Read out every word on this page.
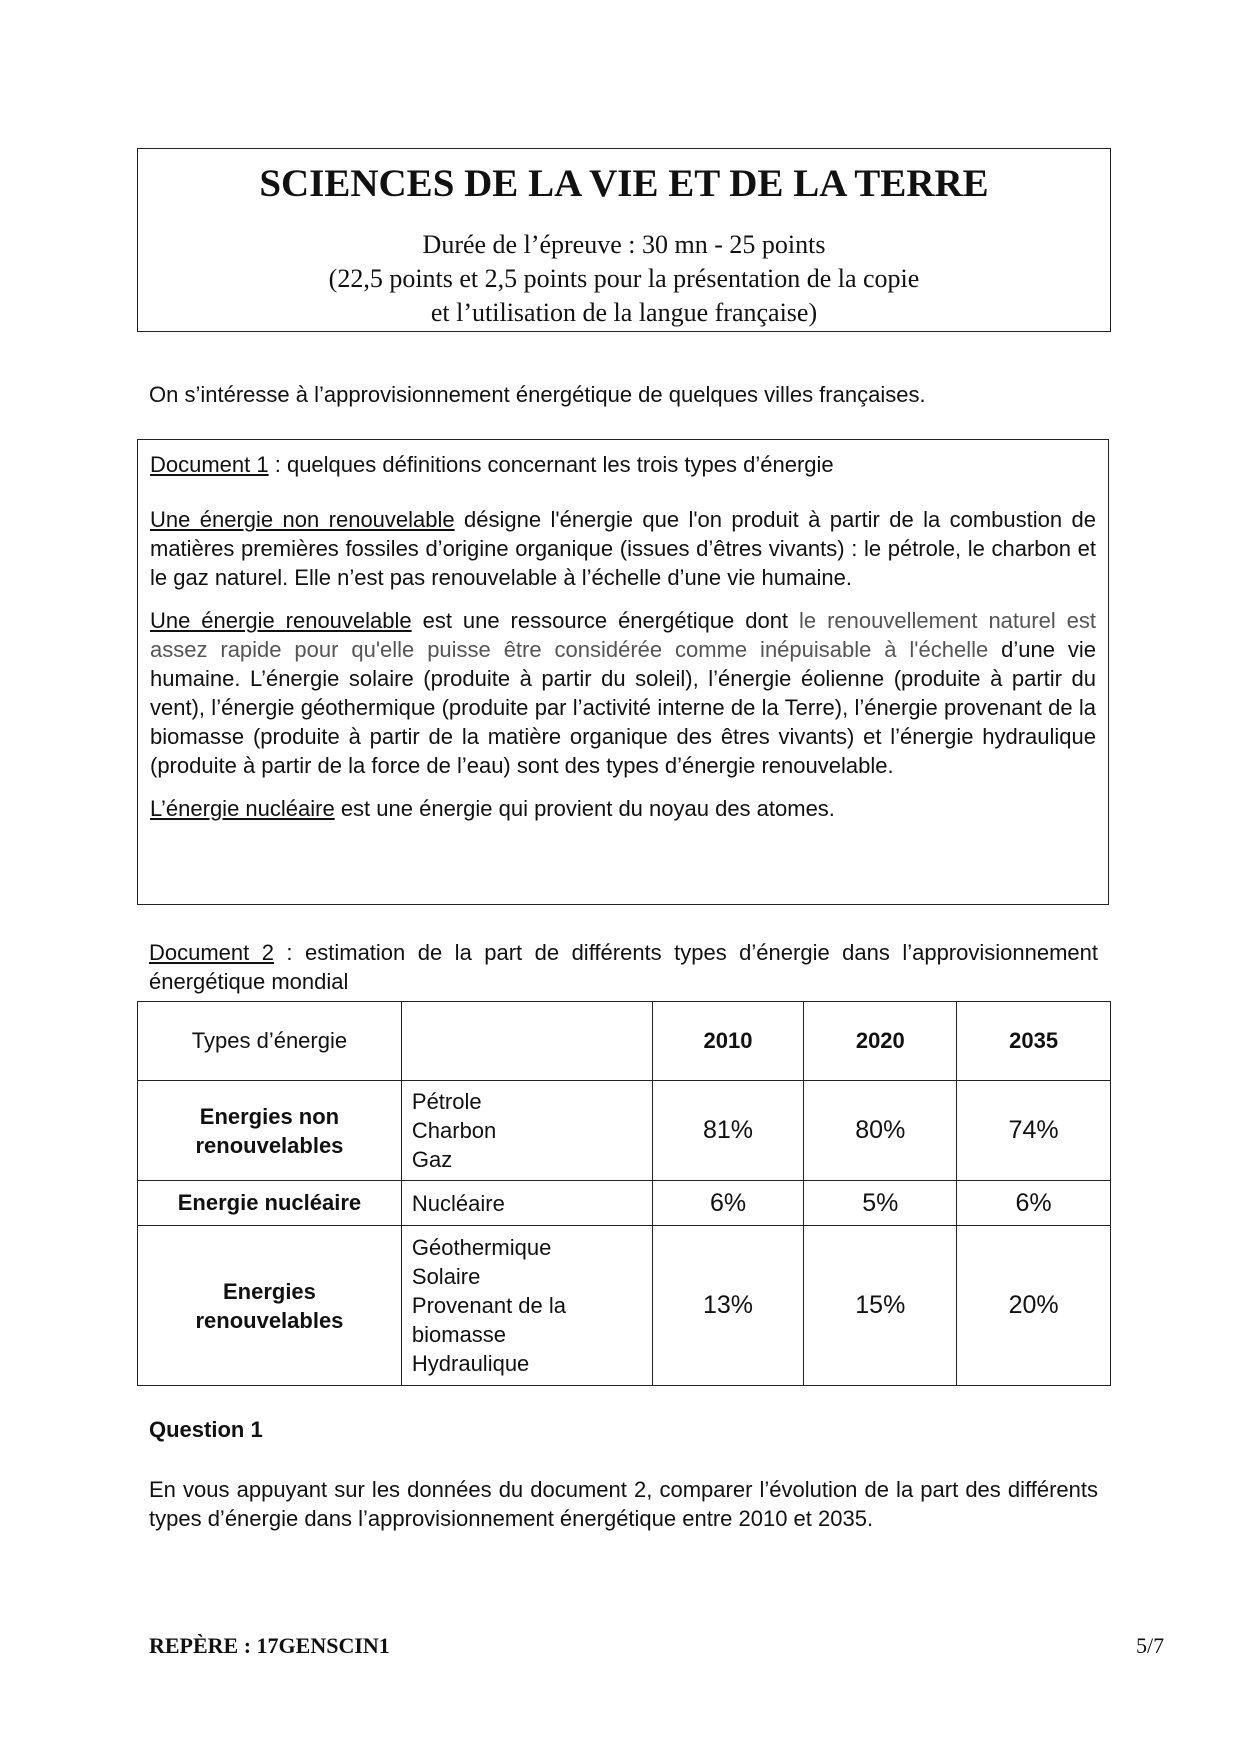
SCIENCES DE LA VIE ET DE LA TERRE
Durée de l’épreuve : 30 mn - 25 points
(22,5 points et 2,5 points pour la présentation de la copie
et l’utilisation de la langue française)
On s’intéresse à l’approvisionnement énergétique de quelques villes françaises.

Document 1 : quelques définitions concernant les trois types d’énergie

Une énergie non renouvelable désigne l'énergie que l'on produit à partir de la combustion de matières premières fossiles d’origine organique (issues d’êtres vivants) : le pétrole, le charbon et le gaz naturel. Elle n’est pas renouvelable à l’échelle d’une vie humaine.

Une énergie renouvelable est une ressource énergétique dont le renouvellement naturel est assez rapide pour qu'elle puisse être considérée comme inépuisable à l'échelle d’une vie humaine. L’énergie solaire (produite à partir du soleil), l’énergie éolienne (produite à partir du vent), l’énergie géothermique (produite par l’activité interne de la Terre), l’énergie provenant de la biomasse (produite à partir de la matière organique des êtres vivants) et l’énergie hydraulique (produite à partir de la force de l’eau) sont des types d’énergie renouvelable.

L’énergie nucléaire est une énergie qui provient du noyau des atomes.

Document 2 : estimation de la part de différents types d’énergie dans l’approvisionnement énergétique mondial
Types d’énergie		2010	2020	2035
Energies non renouvelables	Pétrole
Charbon
Gaz	81%	80%	74%
Energie nucléaire	Nucléaire	6%	5%	6%
Energies renouvelables	Géothermique
Solaire
Provenant de la
biomasse
Hydraulique	13%	15%	20%
Question 1
En vous appuyant sur les données du document 2, comparer l’évolution de la part des différents types d’énergie dans l’approvisionnement énergétique entre 2010 et 2035.
REPÈRE : 17GENSCIN1	5/7
